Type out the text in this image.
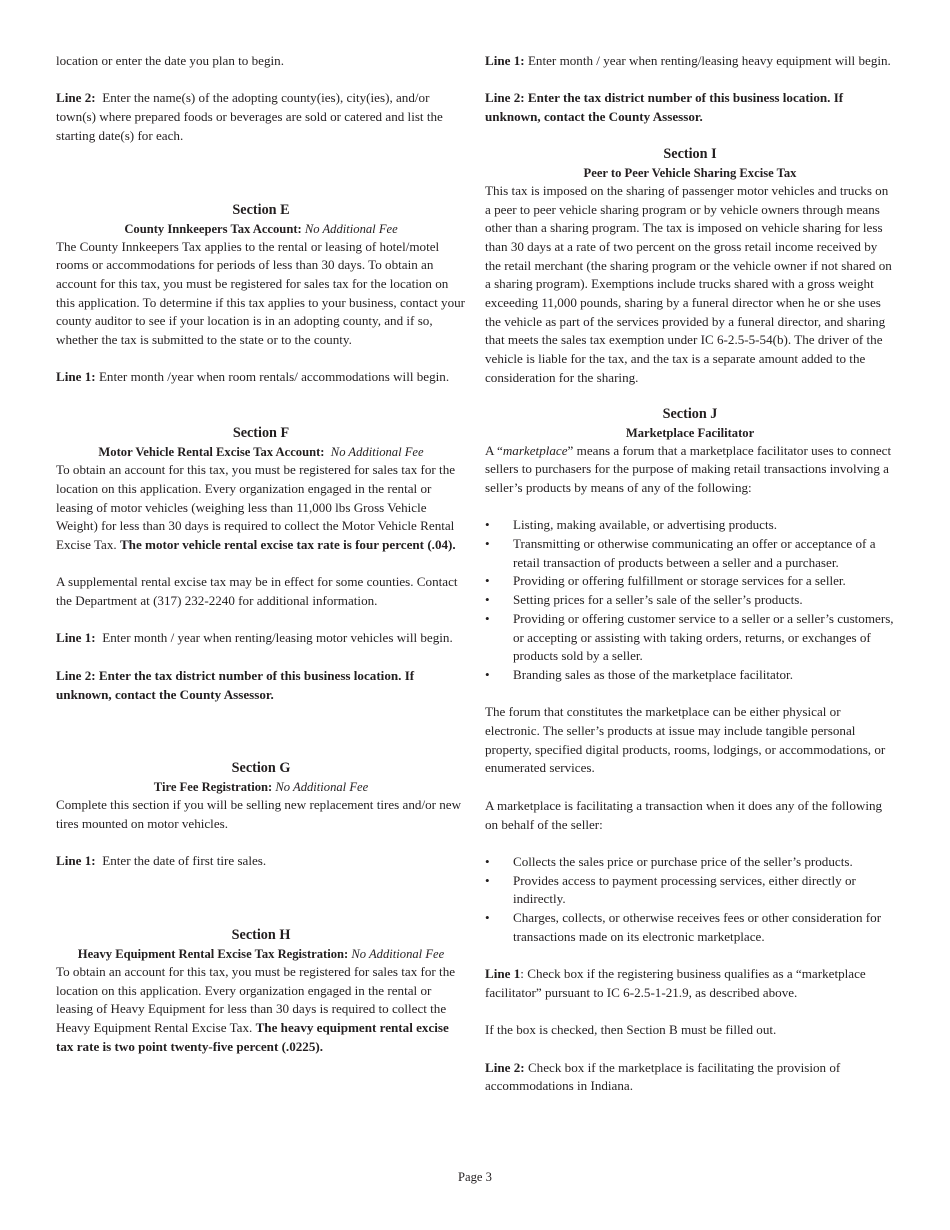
location or enter the date you plan to begin.

Line 2: Enter the name(s) of the adopting county(ies), city(ies), and/or town(s) where prepared foods or beverages are sold or catered and list the starting date(s) for each.

Section E
County Innkeepers Tax Account: No Additional Fee

The County Innkeepers Tax applies to the rental or leasing of hotel/motel rooms or accommodations for periods of less than 30 days. To obtain an account for this tax, you must be registered for sales tax for the location on this application. To determine if this tax applies to your business, contact your county auditor to see if your location is in an adopting county, and if so, whether the tax is submitted to the state or to the county.

Line 1: Enter month /year when room rentals/ accommodations will begin.

Section F
Motor Vehicle Rental Excise Tax Account: No Additional Fee

To obtain an account for this tax, you must be registered for sales tax for the location on this application. Every organization engaged in the rental or leasing of motor vehicles (weighing less than 11,000 lbs Gross Vehicle Weight) for less than 30 days is required to collect the Motor Vehicle Rental Excise Tax. The motor vehicle rental excise tax rate is four percent (.04).

A supplemental rental excise tax may be in effect for some counties. Contact the Department at (317) 232-2240 for additional information.

Line 1: Enter month / year when renting/leasing motor vehicles will begin.

Line 2: Enter the tax district number of this business location. If unknown, contact the County Assessor.

Section G
Tire Fee Registration: No Additional Fee

Complete this section if you will be selling new replacement tires and/or new tires mounted on motor vehicles.

Line 1: Enter the date of first tire sales.

Section H
Heavy Equipment Rental Excise Tax Registration: No Additional Fee

To obtain an account for this tax, you must be registered for sales tax for the location on this application. Every organization engaged in the rental or leasing of Heavy Equipment for less than 30 days is required to collect the Heavy Equipment Rental Excise Tax. The heavy equipment rental excise tax rate is two point twenty-five percent (.0225).

Line 1: Enter month / year when renting/leasing heavy equipment will begin.

Line 2: Enter the tax district number of this business location. If unknown, contact the County Assessor.

Section I
Peer to Peer Vehicle Sharing Excise Tax

This tax is imposed on the sharing of passenger motor vehicles and trucks on a peer to peer vehicle sharing program or by vehicle owners through means other than a sharing program. The tax is imposed on vehicle sharing for less than 30 days at a rate of two percent on the gross retail income received by the retail merchant (the sharing program or the vehicle owner if not shared on a sharing program). Exemptions include trucks shared with a gross weight exceeding 11,000 pounds, sharing by a funeral director when he or she uses the vehicle as part of the services provided by a funeral director, and sharing that meets the sales tax exemption under IC 6-2.5-5-54(b). The driver of the vehicle is liable for the tax, and the tax is a separate amount added to the consideration for the sharing.

Section J
Marketplace Facilitator

A “marketplace” means a forum that a marketplace facilitator uses to connect sellers to purchasers for the purpose of making retail transactions involving a seller’s products by means of any of the following:

• Listing, making available, or advertising products.
• Transmitting or otherwise communicating an offer or acceptance of a retail transaction of products between a seller and a purchaser.
• Providing or offering fulfillment or storage services for a seller.
• Setting prices for a seller’s sale of the seller’s products.
• Providing or offering customer service to a seller or a seller’s customers, or accepting or assisting with taking orders, returns, or exchanges of products sold by a seller.
• Branding sales as those of the marketplace facilitator.

The forum that constitutes the marketplace can be either physical or electronic. The seller’s products at issue may include tangible personal property, specified digital products, rooms, lodgings, or accommodations, or enumerated services.

A marketplace is facilitating a transaction when it does any of the following on behalf of the seller:

• Collects the sales price or purchase price of the seller’s products.
• Provides access to payment processing services, either directly or indirectly.
• Charges, collects, or otherwise receives fees or other consideration for transactions made on its electronic marketplace.

Line 1: Check box if the registering business qualifies as a “marketplace facilitator” pursuant to IC 6-2.5-1-21.9, as described above.

If the box is checked, then Section B must be filled out.

Line 2: Check box if the marketplace is facilitating the provision of accommodations in Indiana.

Page 3
